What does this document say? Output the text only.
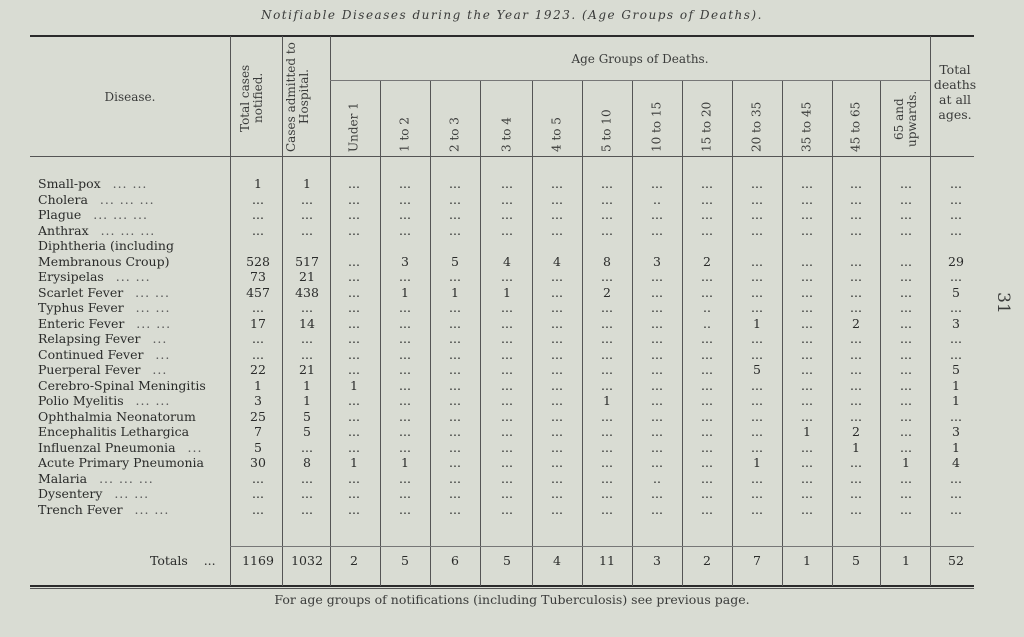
Notifiable Diseases during the Year 1923. (Age Groups of Deaths).
31
Disease.
Age Groups of Deaths.
Total deaths at all ages.
Total cases notified.	Cases admitted to Hospital.
Under 1	1 to 2	2 to 3	3 to 4	4 to 5	5 to 10	10 to 15	15 to 20	20 to 35	35 to 45	45 to 65	65 and upwards.
Small-pox ... ...	1	1	...	...	...	...	...	...	...	...	...	...	...	...	...
Cholera ... ... ...	...	...	...	...	...	...	...	...	..	...	...	...	...	...	...
Plague ... ... ...	...	...	...	...	...	...	...	...	...	...	...	...	...	...	...
Anthrax ... ... ...	...	...	...	...	...	...	...	...	...	...	...	...	...	...	...
Diphtheria (including Membranous Croup)	528	517	...	3	5	4	4	8	3	2	...	...	...	...	29
Erysipelas ... ...	73	21	...	...	...	...	...	...	...	...	...	...	...	...	...
Scarlet Fever ... ...	457	438	...	1	1	1	...	2	...	...	...	...	...	...	5
Typhus Fever ... ...	...	...	...	...	...	...	...	...	...	..	...	...	...	...	...
Enteric Fever ... ...	17	14	...	...	...	...	...	...	...	..	1	...	2	...	3
Relapsing Fever ...	...	...	...	...	...	...	...	...	...	...	...	...	...	...	...
Continued Fever ...	...	...	...	...	...	...	...	...	...	...	...	...	...	...	...
Puerperal Fever ...	22	21	...	...	...	...	...	...	...	...	5	...	...	...	5
Cerebro-Spinal Meningitis	1	1	1	...	...	...	...	...	...	...	...	...	...	...	1
Polio Myelitis ... ...	3	1	...	...	...	...	...	1	...	...	...	...	...	...	1
Ophthalmia Neonatorum	25	5	...	...	...	...	...	...	...	...	...	...	...	...	...
Encephalitis Lethargica	7	5	...	...	...	...	...	...	...	...	...	1	2	...	3
Influenzal Pneumonia ...	5	...	...	...	...	...	...	...	...	...	...	...	1	...	1
Acute Primary Pneumonia	30	8	1	1	...	...	...	...	...	...	1	...	...	1	4
Malaria ... ... ...	...	...	...	...	...	...	...	...	..	...	...	...	...	...	...
Dysentery ... ...	...	...	...	...	...	...	...	...	...	...	...	...	...	...	...
Trench Fever ... ...	...	...	...	...	...	...	...	...	...	...	...	...	...	...	...
Totals ...	1169	1032	2	5	6	5	4	11	3	2	7	1	5	1	52
For age groups of notifications (including Tuberculosis) see previous page.
